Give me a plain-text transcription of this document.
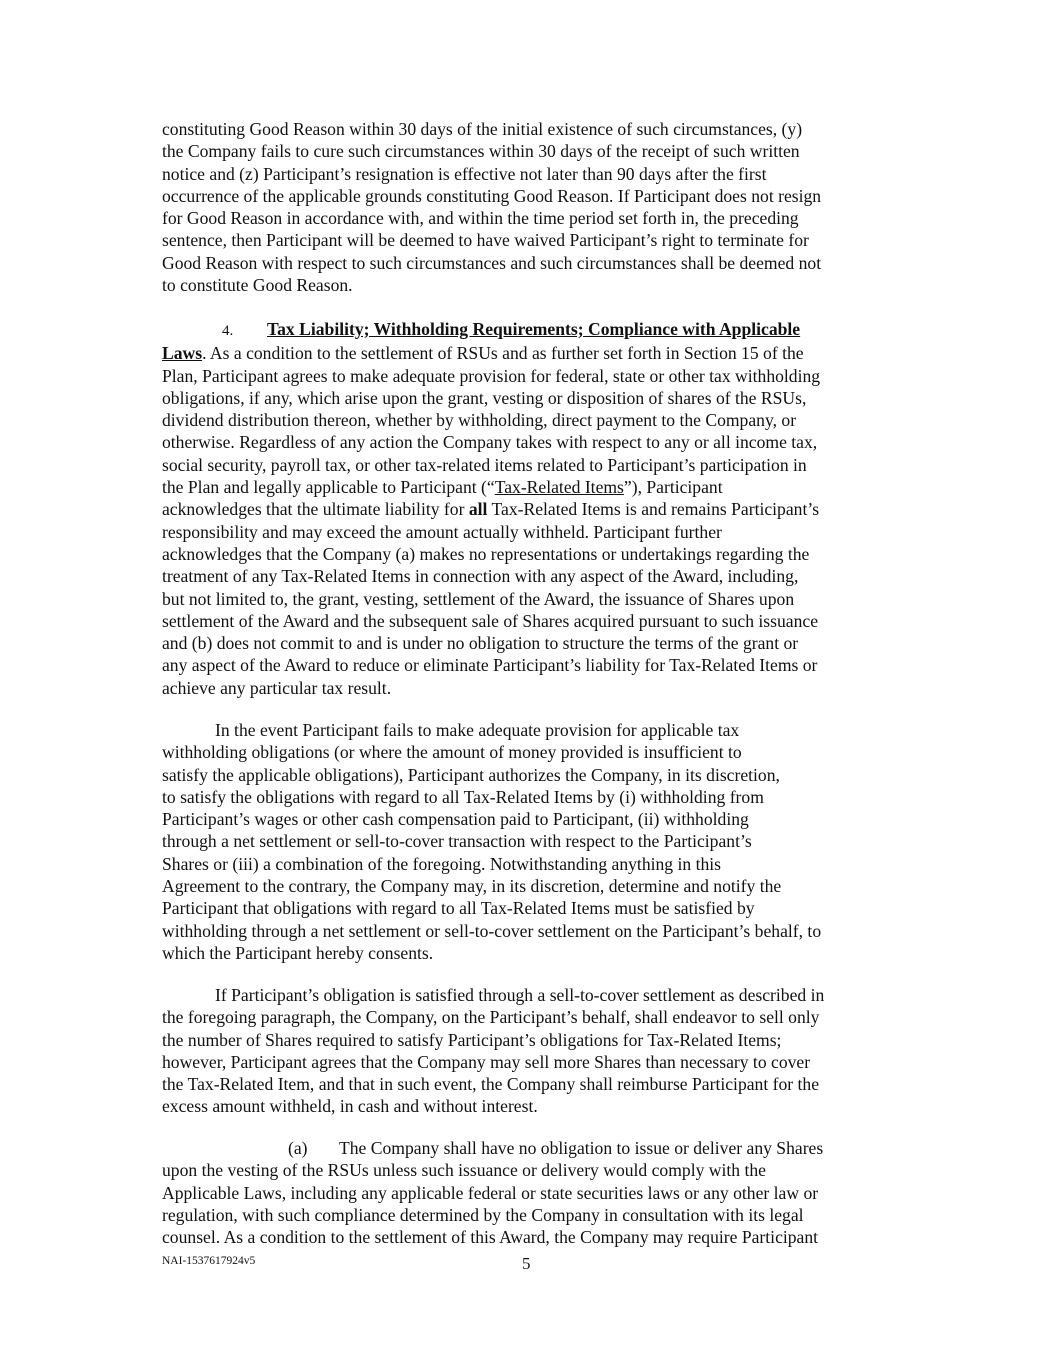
constituting Good Reason within 30 days of the initial existence of such circumstances, (y)
the Company fails to cure such circumstances within 30 days of the receipt of such written
notice and (z) Participant’s resignation is effective not later than 90 days after the first
occurrence of the applicable grounds constituting Good Reason. If Participant does not resign
for Good Reason in accordance with, and within the time period set forth in, the preceding
sentence, then Participant will be deemed to have waived Participant’s right to terminate for
Good Reason with respect to such circumstances and such circumstances shall be deemed not
to constitute Good Reason.

4. Tax Liability; Withholding Requirements; Compliance with Applicable
Laws. As a condition to the settlement of RSUs and as further set forth in Section 15 of the
Plan, Participant agrees to make adequate provision for federal, state or other tax withholding
obligations, if any, which arise upon the grant, vesting or disposition of shares of the RSUs,
dividend distribution thereon, whether by withholding, direct payment to the Company, or
otherwise. Regardless of any action the Company takes with respect to any or all income tax,
social security, payroll tax, or other tax-related items related to Participant’s participation in
the Plan and legally applicable to Participant (“Tax-Related Items”), Participant
acknowledges that the ultimate liability for all Tax-Related Items is and remains Participant’s
responsibility and may exceed the amount actually withheld. Participant further
acknowledges that the Company (a) makes no representations or undertakings regarding the
treatment of any Tax-Related Items in connection with any aspect of the Award, including,
but not limited to, the grant, vesting, settlement of the Award, the issuance of Shares upon
settlement of the Award and the subsequent sale of Shares acquired pursuant to such issuance
and (b) does not commit to and is under no obligation to structure the terms of the grant or
any aspect of the Award to reduce or eliminate Participant’s liability for Tax-Related Items or
achieve any particular tax result.

In the event Participant fails to make adequate provision for applicable tax
withholding obligations (or where the amount of money provided is insufficient to
satisfy the applicable obligations), Participant authorizes the Company, in its discretion,
to satisfy the obligations with regard to all Tax-Related Items by (i) withholding from
Participant’s wages or other cash compensation paid to Participant, (ii) withholding
through a net settlement or sell-to-cover transaction with respect to the Participant’s
Shares or (iii) a combination of the foregoing. Notwithstanding anything in this
Agreement to the contrary, the Company may, in its discretion, determine and notify the
Participant that obligations with regard to all Tax-Related Items must be satisfied by
withholding through a net settlement or sell-to-cover settlement on the Participant’s behalf, to
which the Participant hereby consents.

If Participant’s obligation is satisfied through a sell-to-cover settlement as described in
the foregoing paragraph, the Company, on the Participant’s behalf, shall endeavor to sell only
the number of Shares required to satisfy Participant’s obligations for Tax-Related Items;
however, Participant agrees that the Company may sell more Shares than necessary to cover
the Tax-Related Item, and that in such event, the Company shall reimburse Participant for the
excess amount withheld, in cash and without interest.

(a) The Company shall have no obligation to issue or deliver any Shares
upon the vesting of the RSUs unless such issuance or delivery would comply with the
Applicable Laws, including any applicable federal or state securities laws or any other law or
regulation, with such compliance determined by the Company in consultation with its legal
counsel. As a condition to the settlement of this Award, the Company may require Participant

NAI-1537617924v5	5
